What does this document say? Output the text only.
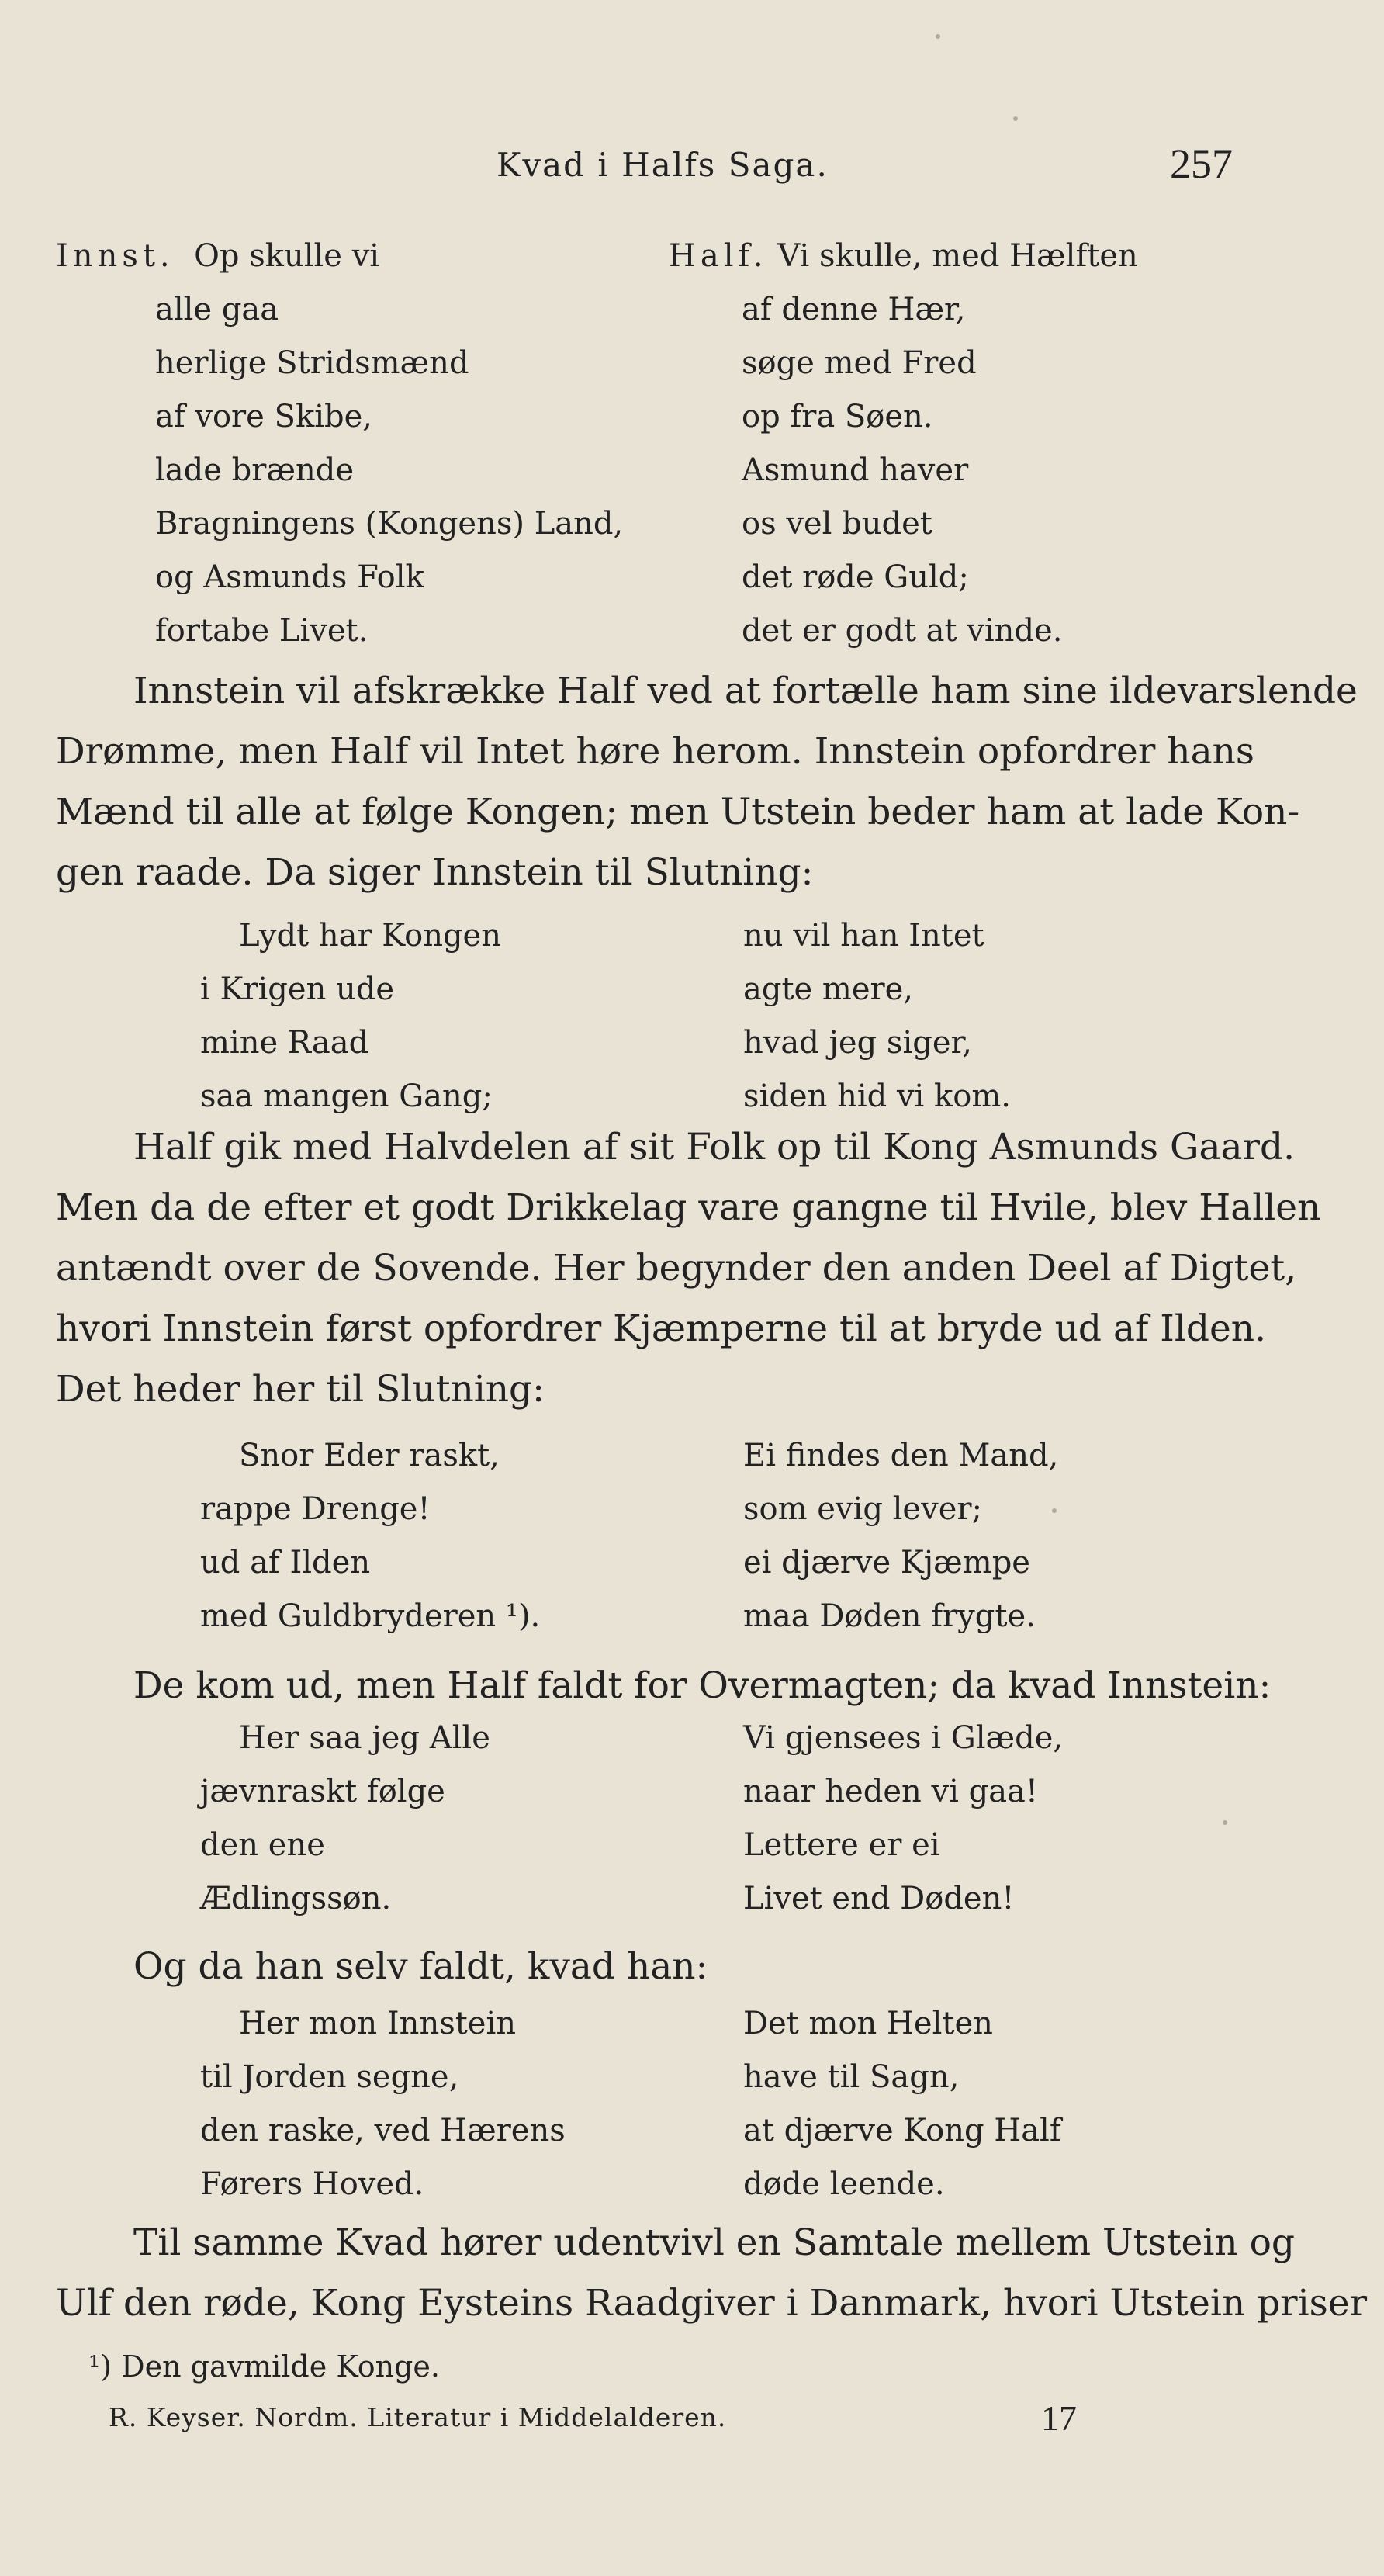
Kvad i Halfs Saga.	257
Innst. Op skulle vi
alle gaa
herlige Stridsmænd
af vore Skibe,
lade brænde
Bragningens (Kongens) Land,
og Asmunds Folk
fortabe Livet.
Half. Vi skulle, med Hælften
af denne Hær,
søge med Fred
op fra Søen.
Asmund haver
os vel budet
det røde Guld;
det er godt at vinde.
Innstein vil afskrække Half ved at fortælle ham sine ildevarslende
Drømme, men Half vil Intet høre herom. Innstein opfordrer hans
Mænd til alle at følge Kongen; men Utstein beder ham at lade Kon-
gen raade. Da siger Innstein til Slutning:
Lydt har Kongen
i Krigen ude
mine Raad
saa mangen Gang;
nu vil han Intet
agte mere,
hvad jeg siger,
siden hid vi kom.
Half gik med Halvdelen af sit Folk op til Kong Asmunds Gaard.
Men da de efter et godt Drikkelag vare gangne til Hvile, blev Hallen
antændt over de Sovende. Her begynder den anden Deel af Digtet,
hvori Innstein først opfordrer Kjæmperne til at bryde ud af Ilden.
Det heder her til Slutning:
Snor Eder raskt,
rappe Drenge!
ud af Ilden
med Guldbryderen ¹).
Ei findes den Mand,
som evig lever;
ei djærve Kjæmpe
maa Døden frygte.
De kom ud, men Half faldt for Overmagten; da kvad Innstein:
Her saa jeg Alle
jævnraskt følge
den ene
Ædlingssøn.
Vi gjensees i Glæde,
naar heden vi gaa!
Lettere er ei
Livet end Døden!
Og da han selv faldt, kvad han:
Her mon Innstein
til Jorden segne,
den raske, ved Hærens
Førers Hoved.
Det mon Helten
have til Sagn,
at djærve Kong Half
døde leende.
Til samme Kvad hører udentvivl en Samtale mellem Utstein og
Ulf den røde, Kong Eysteins Raadgiver i Danmark, hvori Utstein priser
¹) Den gavmilde Konge.
R. Keyser. Nordm. Literatur i Middelalderen.	17
